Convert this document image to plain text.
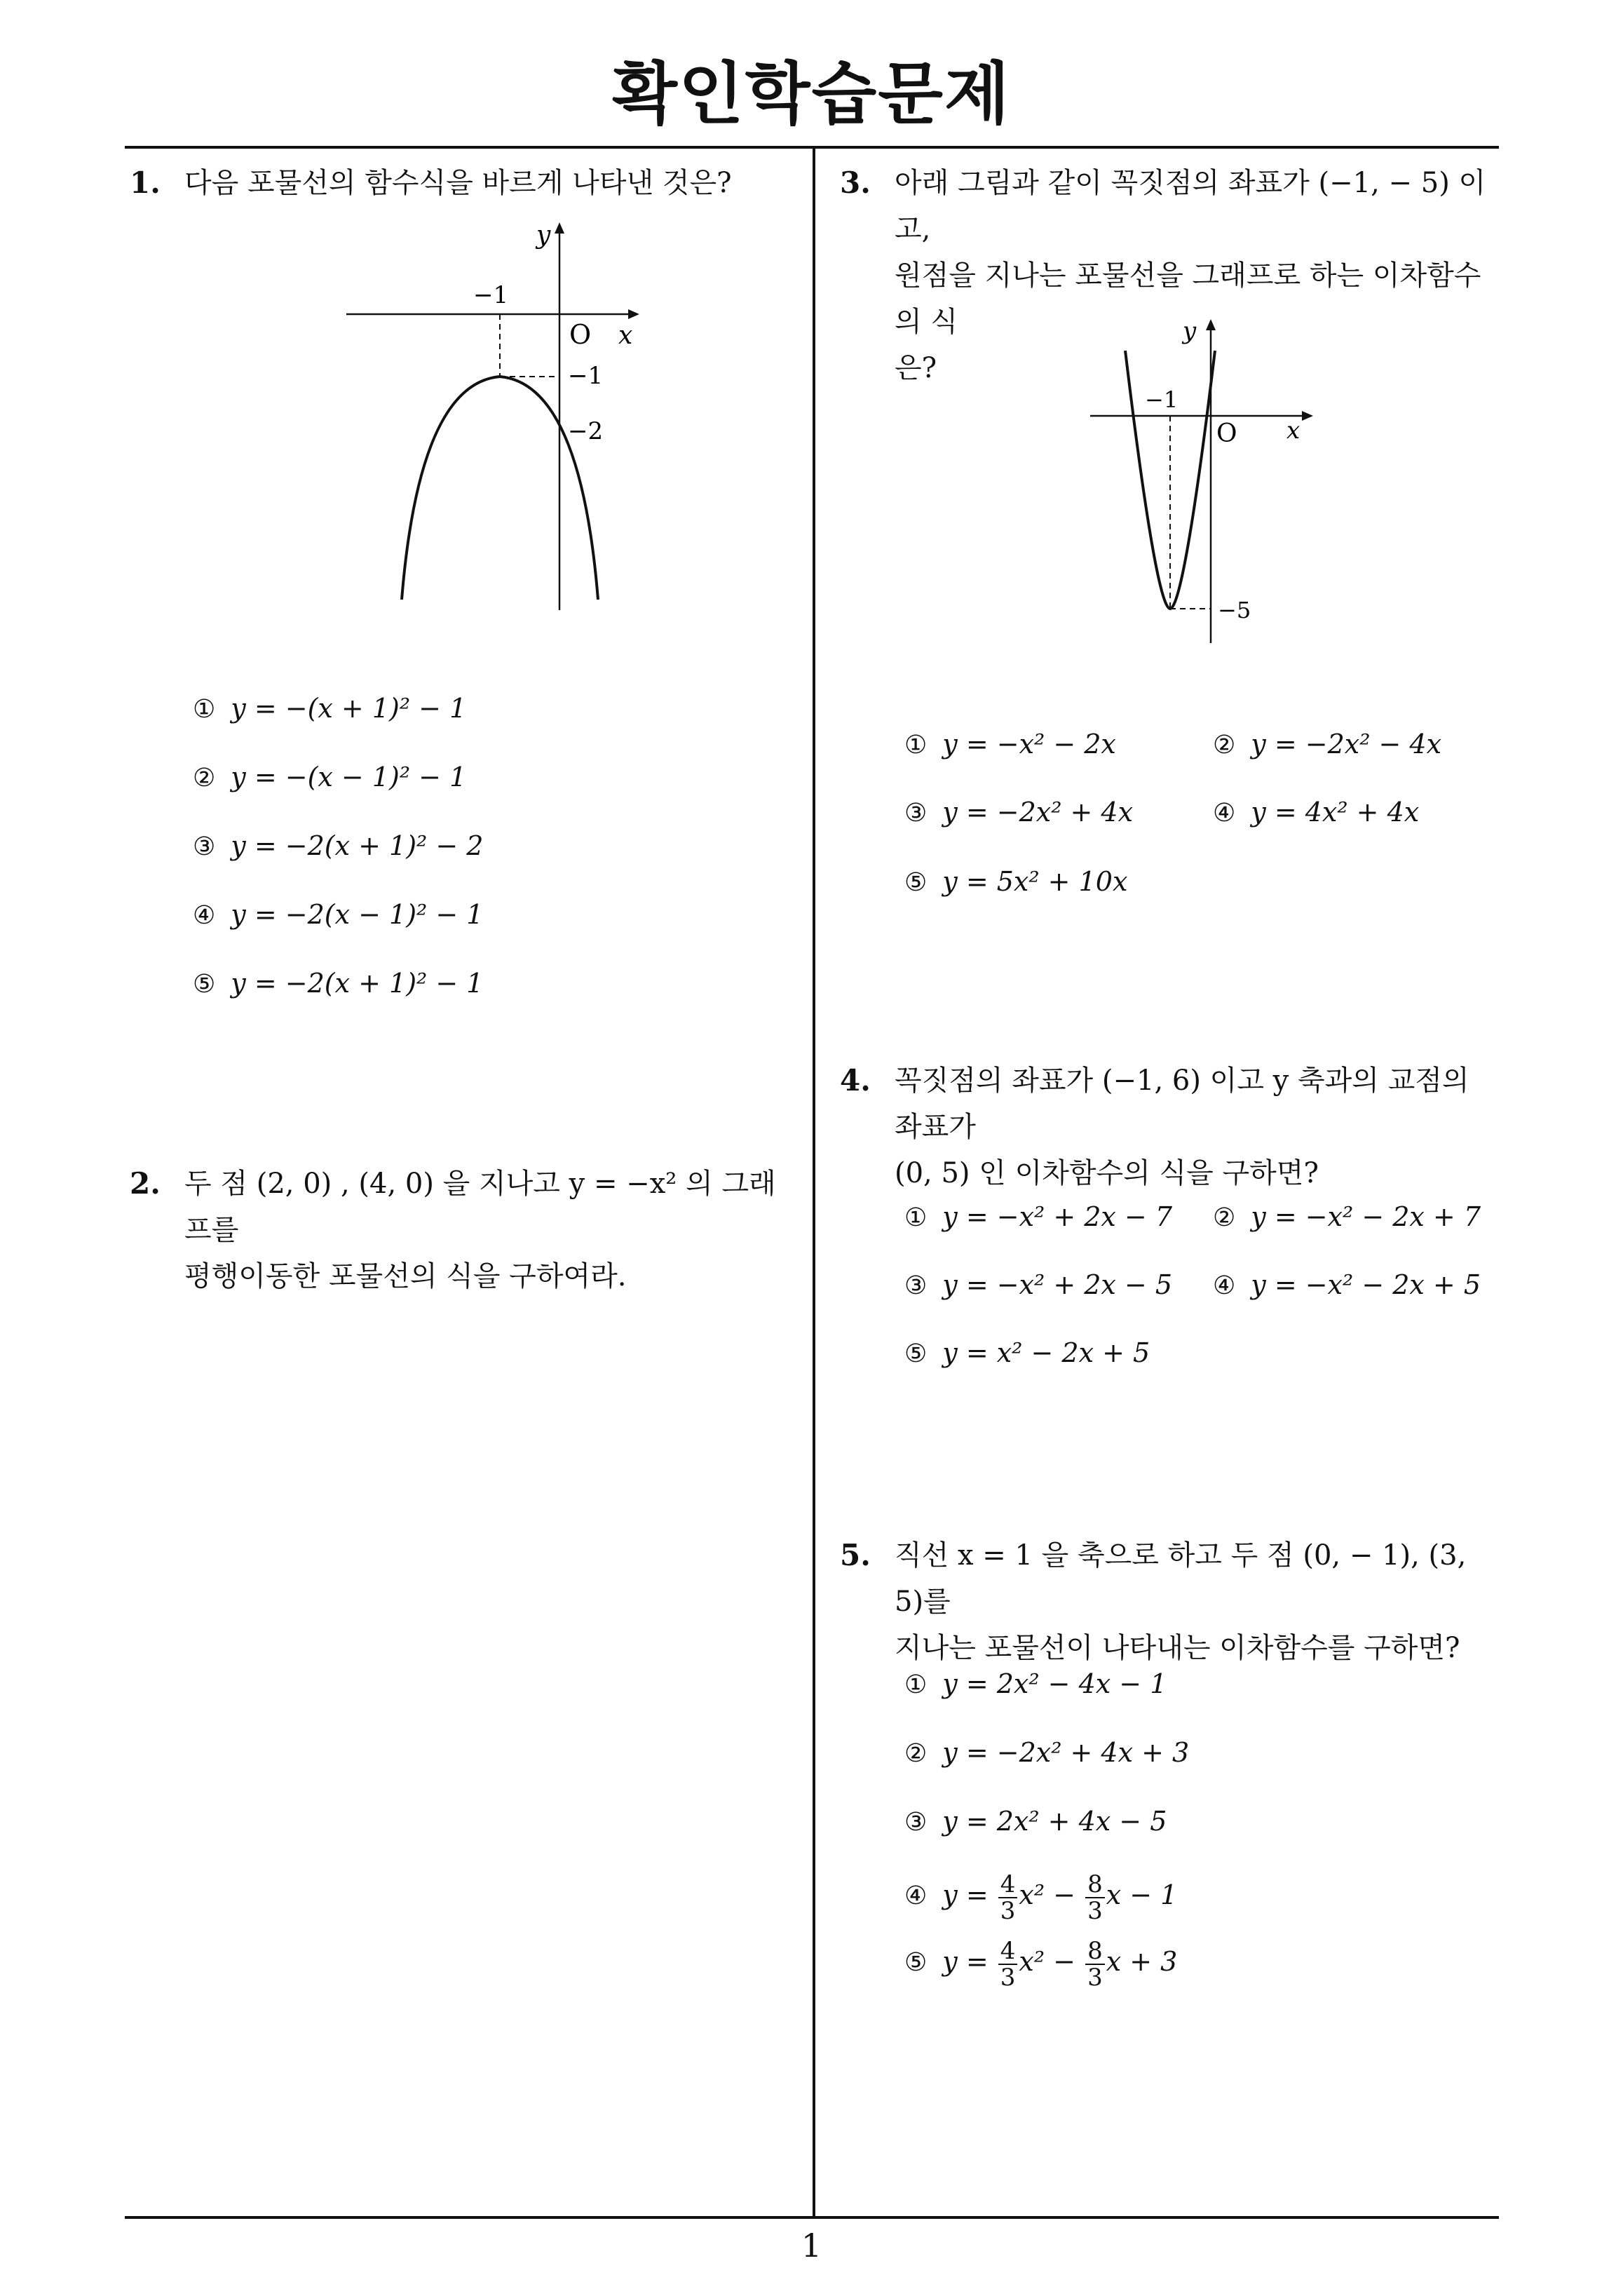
확인학습문제
1
1. 다음 포물선의 함수식을 바르게 나타낸 것은?
y
x
O
−1
−1
−2
① y = −(x + 1)² − 1
② y = −(x − 1)² − 1
③ y = −2(x + 1)² − 2
④ y = −2(x − 1)² − 1
⑤ y = −2(x + 1)² − 1
2. 두 점 (2, 0) , (4, 0) 을 지나고 y = −x² 의 그래프를
평행이동한 포물선의 식을 구하여라.
3. 아래 그림과 같이 꼭짓점의 좌표가 (−1, − 5) 이고,
원점을 지나는 포물선을 그래프로 하는 이차함수의 식
은?
y
x
O
−1
−5
① y = −x² − 2x	② y = −2x² − 4x
③ y = −2x² + 4x	④ y = 4x² + 4x
⑤ y = 5x² + 10x
4. 꼭짓점의 좌표가 (−1, 6) 이고 y 축과의 교점의 좌표가
(0, 5) 인 이차함수의 식을 구하면?
① y = −x² + 2x − 7 ② y = −x² − 2x + 7
③ y = −x² + 2x − 5 ④ y = −x² − 2x + 5
⑤ y = x² − 2x + 5
5. 직선 x = 1 을 축으로 하고 두 점 (0, − 1), (3, 5)를
지나는 포물선이 나타내는 이차함수를 구하면?
① y = 2x² − 4x − 1
② y = −2x² + 4x + 3
③ y = 2x² + 4x − 5
④ $y = \frac{4}{3} x^2 - \frac{8}{3}$ x − 1
⑤ $y = \frac{4}{3} x^2 - \frac{8}{3}$ x + 3
